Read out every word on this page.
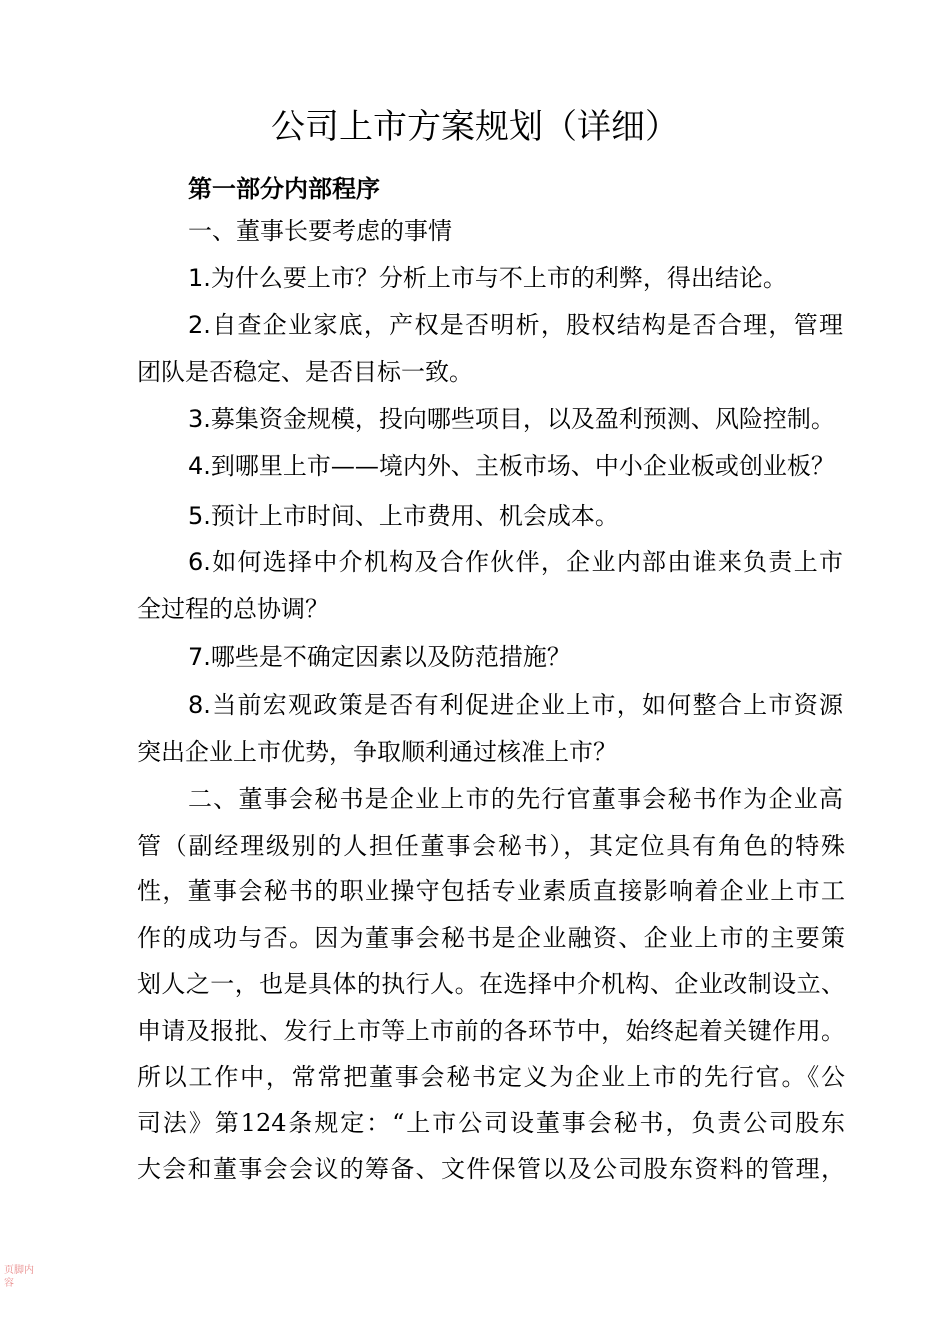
公司上市方案规划（详细）
第一部分内部程序

一、董事长要考虑的事情

1.为什么要上市？分析上市与不上市的利弊，得出结论。

2.自查企业家底，产权是否明析，股权结构是否合理，管理

团队是否稳定、是否目标一致。

3.募集资金规模，投向哪些项目，以及盈利预测、风险控制。

4.到哪里上市——境内外、主板市场、中小企业板或创业板？

5.预计上市时间、上市费用、机会成本。

6.如何选择中介机构及合作伙伴，企业内部由谁来负责上市

全过程的总协调？

7.哪些是不确定因素以及防范措施？

8.当前宏观政策是否有利促进企业上市，如何整合上市资源

突出企业上市优势，争取顺利通过核准上市？

二、董事会秘书是企业上市的先行官董事会秘书作为企业高

管（副经理级别的人担任董事会秘书），其定位具有角色的特殊

性，董事会秘书的职业操守包括专业素质直接影响着企业上市工

作的成功与否。因为董事会秘书是企业融资、企业上市的主要策

划人之一，也是具体的执行人。在选择中介机构、企业改制设立、

申请及报批、发行上市等上市前的各环节中，始终起着关键作用。

所以工作中，常常把董事会秘书定义为企业上市的先行官。《公

司法》第124条规定：“上市公司设董事会秘书，负责公司股东

大会和董事会会议的筹备、文件保管以及公司股东资料的管理，

页脚内容
